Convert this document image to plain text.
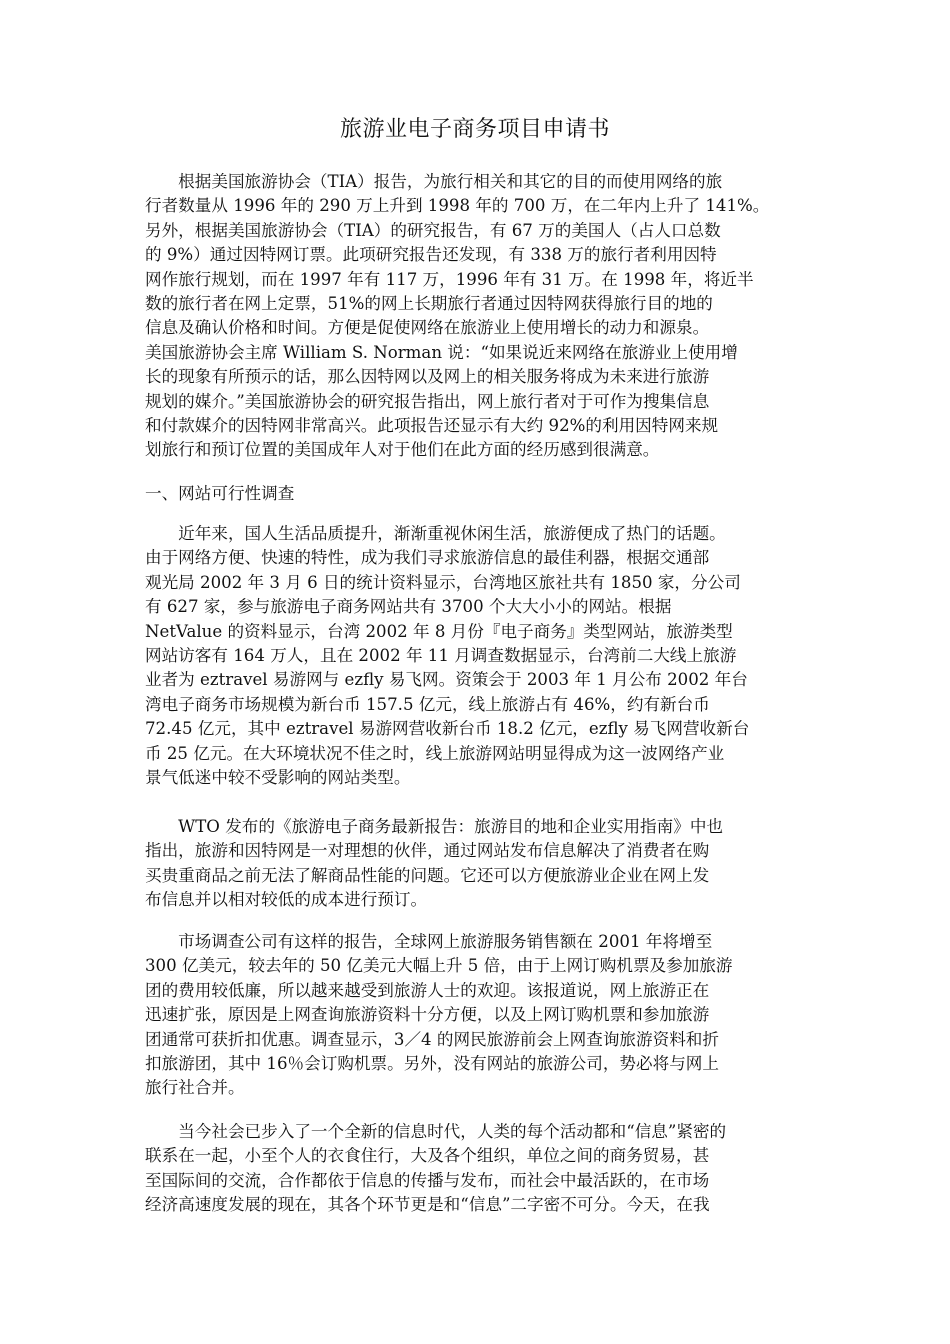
旅游业电子商务项目申请书
　　根据美国旅游协会（TIA）报告，为旅行相关和其它的目的而使用网络的旅
行者数量从 1996 年的 290 万上升到 1998 年的 700 万，在二年内上升了 141%。
另外，根据美国旅游协会（TIA）的研究报告，有 67 万的美国人（占人口总数
的 9%）通过因特网订票。此项研究报告还发现，有 338 万的旅行者利用因特
网作旅行规划，而在 1997 年有 117 万，1996 年有 31 万。在 1998 年，将近半
数的旅行者在网上定票，51%的网上长期旅行者通过因特网获得旅行目的地的
信息及确认价格和时间。方便是促使网络在旅游业上使用增长的动力和源泉。
美国旅游协会主席 William S. Norman 说：“如果说近来网络在旅游业上使用增
长的现象有所预示的话，那么因特网以及网上的相关服务将成为未来进行旅游
规划的媒介。”美国旅游协会的研究报告指出，网上旅行者对于可作为搜集信息
和付款媒介的因特网非常高兴。此项报告还显示有大约 92%的利用因特网来规
划旅行和预订位置的美国成年人对于他们在此方面的经历感到很满意。
一、网站可行性调查
　　近年来，国人生活品质提升，渐渐重视休闲生活，旅游便成了热门的话题。
由于网络方便、快速的特性，成为我们寻求旅游信息的最佳利器，根据交通部
观光局 2002 年 3 月 6 日的统计资料显示，台湾地区旅社共有 1850 家，分公司
有 627 家，参与旅游电子商务网站共有 3700 个大大小小的网站。根据
NetValue 的资料显示，台湾 2002 年 8 月份『电子商务』类型网站，旅游类型
网站访客有 164 万人，且在 2002 年 11 月调查数据显示，台湾前二大线上旅游
业者为 eztravel 易游网与 ezfly 易飞网。资策会于 2003 年 1 月公布 2002 年台
湾电子商务市场规模为新台币 157.5 亿元，线上旅游占有 46%，约有新台币
72.45 亿元，其中 eztravel 易游网营收新台币 18.2 亿元，ezfly 易飞网营收新台
币 25 亿元。在大环境状况不佳之时，线上旅游网站明显得成为这一波网络产业
景气低迷中较不受影响的网站类型。
　　WTO 发布的《旅游电子商务最新报告：旅游目的地和企业实用指南》中也
指出，旅游和因特网是一对理想的伙伴，通过网站发布信息解决了消费者在购
买贵重商品之前无法了解商品性能的问题。它还可以方便旅游业企业在网上发
布信息并以相对较低的成本进行预订。
　　市场调查公司有这样的报告，全球网上旅游服务销售额在 2001 年将增至
300 亿美元，较去年的 50 亿美元大幅上升 5 倍，由于上网订购机票及参加旅游
团的费用较低廉，所以越来越受到旅游人士的欢迎。该报道说，网上旅游正在
迅速扩张，原因是上网查询旅游资料十分方便，以及上网订购机票和参加旅游
团通常可获折扣优惠。调查显示，3／4 的网民旅游前会上网查询旅游资料和折
扣旅游团，其中 16％会订购机票。另外，没有网站的旅游公司，势必将与网上
旅行社合并。
　　当今社会已步入了一个全新的信息时代，人类的每个活动都和“信息”紧密的
联系在一起，小至个人的衣食住行，大及各个组织，单位之间的商务贸易，甚
至国际间的交流，合作都依于信息的传播与发布，而社会中最活跃的，在市场
经济高速度发展的现在，其各个环节更是和“信息”二字密不可分。今天，在我
